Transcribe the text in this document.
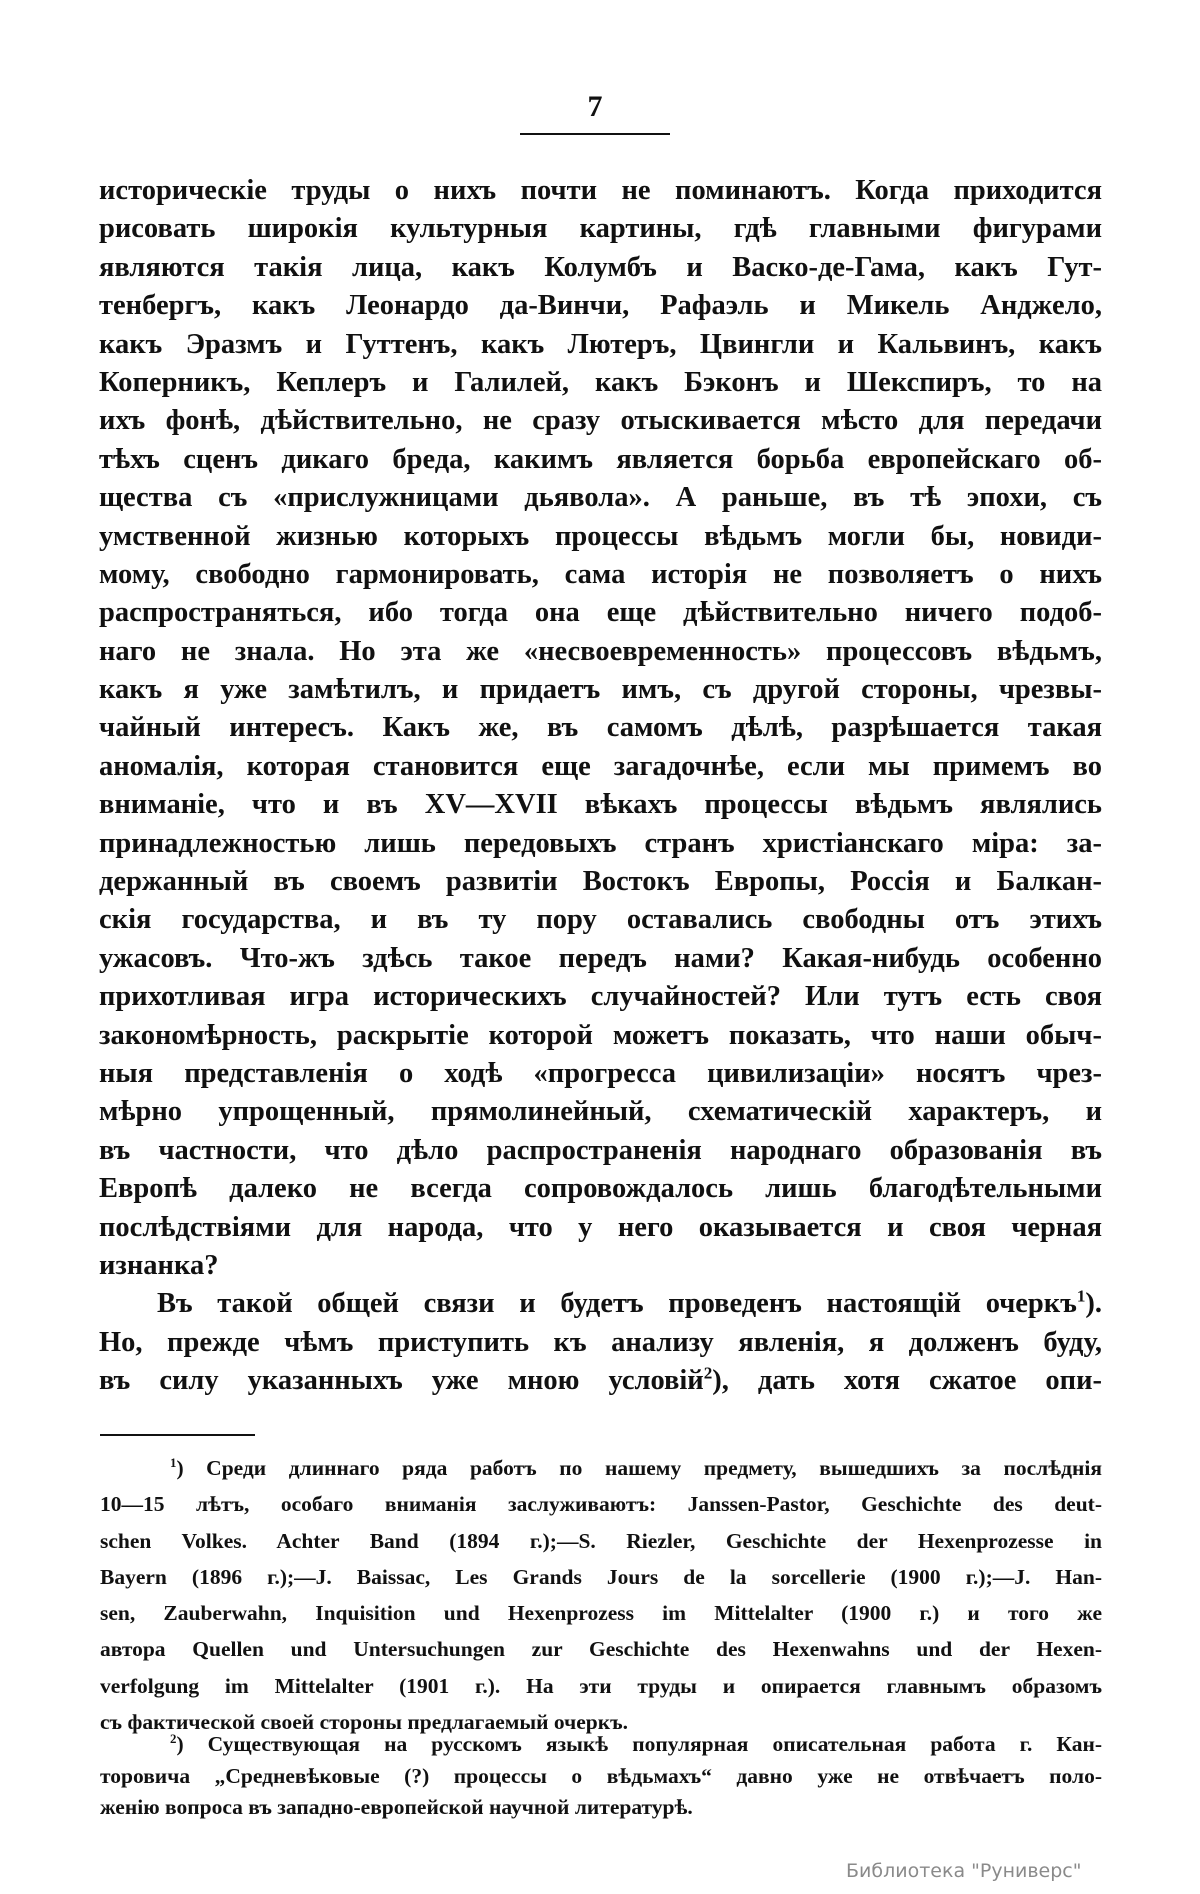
7
историческiе труды о нихъ почти не поминаютъ. Когда приходится
рисовать широкiя культурныя картины, гдѣ главными фигурами
являются такiя лица, какъ Колумбъ и Васко-де-Гама, какъ Гут-
тенбергъ, какъ Леонардо да-Винчи, Рафаэль и Микель Анджело,
какъ Эразмъ и Гуттенъ, какъ Лютеръ, Цвингли и Кальвинъ, какъ
Коперникъ, Кеплеръ и Галилей, какъ Бэконъ и Шекспиръ, то на
ихъ фонѣ, дѣйствительно, не сразу отыскивается мѣсто для передачи
тѣхъ сценъ дикаго бреда, какимъ является борьба европейскаго об-
щества съ «прислужницами дьявола». А раньше, въ тѣ эпохи, съ
умственной жизнью которыхъ процессы вѣдьмъ могли бы, новиди-
мому, свободно гармонировать, сама исторiя не позволяетъ о нихъ
распространяться, ибо тогда она еще дѣйствительно ничего подоб-
наго не знала. Но эта же «несвоевременность» процессовъ вѣдьмъ,
какъ я уже замѣтилъ, и придаетъ имъ, съ другой стороны, чрезвы-
чайный интересъ. Какъ же, въ самомъ дѣлѣ, разрѣшается такая
аномалiя, которая становится еще загадочнѣе, если мы примемъ во
вниманiе, что и въ XV—XVII вѣкахъ процессы вѣдьмъ являлись
принадлежностью лишь передовыхъ странъ христiанскаго мiра: за-
держанный въ своемъ развитiи Востокъ Европы, Россiя и Балкан-
скiя государства, и въ ту пору оставались свободны отъ этихъ
ужасовъ. Что-жъ здѣсь такое передъ нами? Какая-нибудь особенно
прихотливая игра историческихъ случайностей? Или тутъ есть своя
закономѣрность, раскрытiе которой можетъ показать, что наши обыч-
ныя представленiя о ходѣ «прогресса цивилизацiи» носятъ чрез-
мѣрно упрощенный, прямолинейный, схематическiй характеръ, и
въ частности, что дѣло распространенiя народнаго образованiя въ
Европѣ далеко не всегда сопровождалось лишь благодѣтельными
послѣдствiями для народа, что у него оказывается и своя черная
изнанка?
Въ такой общей связи и будетъ проведенъ настоящiй очеркъ$^1$).
Но, прежде чѣмъ приступить къ анализу явленiя, я долженъ буду,
въ силу указанныхъ уже мною условiй$^2$), дать хотя сжатое опи-
$^1$) Среди длиннаго ряда работъ по нашему предмету, вышедшихъ за послѣднiя
10—15 лѣтъ, особаго вниманiя заслуживаютъ: Janssen-Pastor, Geschichte des deut-
schen Volkes. Achter Band (1894 г.);—S. Riezler, Geschichte der Hexenprozesse in
Bayern (1896 г.);—J. Baissac, Les Grands Jours de la sorcellerie (1900 г.);—J. Han-
sen, Zauberwahn, Inquisition und Hexenprozess im Mittelalter (1900 г.) и того же
автора Quellen und Untersuchungen zur Geschichte des Hexenwahns und der Hexen-
verfolgung im Mittelalter (1901 г.). На эти труды и опирается главнымъ образомъ
съ фактической своей стороны предлагаемый очеркъ.
$^2$) Существующая на русскомъ языкѣ популярная описательная работа г. Кан-
торовича „Средневѣковые (?) процессы о вѣдьмахъ“ давно уже не отвѣчаетъ поло-
женiю вопроса въ западно-европейской научной литературѣ.
Библиотека "Руниверс"
